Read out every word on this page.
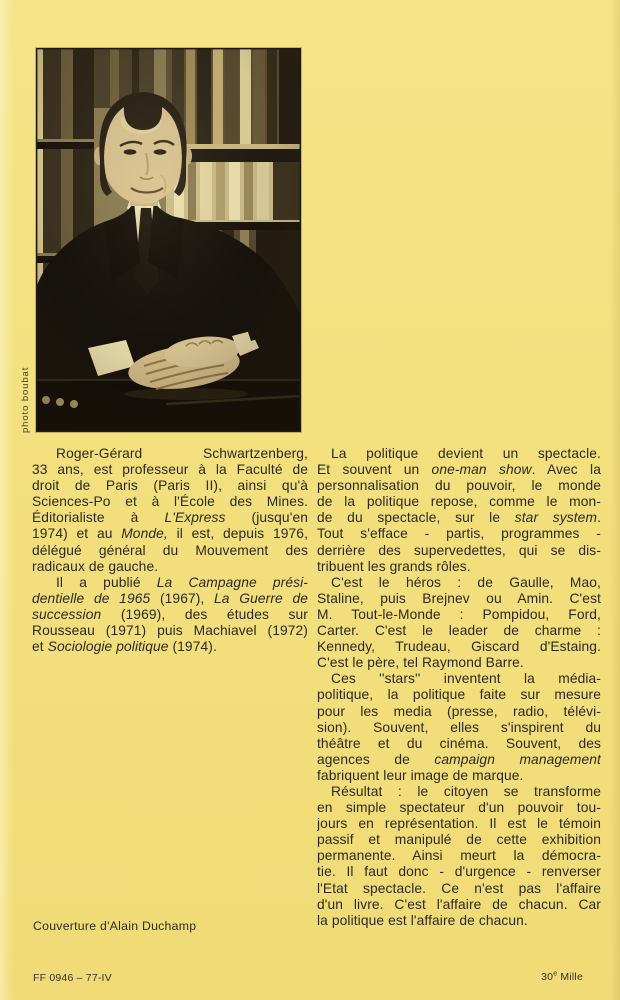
photo boubat
Roger-Gérard Schwartzenberg,
33 ans, est professeur à la Faculté de
droit de Paris (Paris II), ainsi qu'à
Sciences-Po et à l'École des Mines.
Éditorialiste à L'Express (jusqu'en
1974) et au Monde, il est, depuis 1976,
délégué général du Mouvement des
radicaux de gauche.
Il a publié La Campagne prési-
dentielle de 1965 (1967), La Guerre de
succession (1969), des études sur
Rousseau (1971) puis Machiavel (1972)
et Sociologie politique (1974).
La politique devient un spectacle.
Et souvent un one-man show. Avec la
personnalisation du pouvoir, le monde
de la politique repose, comme le mon-
de du spectacle, sur le star system.
Tout s'efface - partis, programmes -
derrière des supervedettes, qui se dis-
tribuent les grands rôles.
C'est le héros : de Gaulle, Mao,
Staline, puis Brejnev ou Amin. C'est
M. Tout-le-Monde : Pompidou, Ford,
Carter. C'est le leader de charme :
Kennedy, Trudeau, Giscard d'Estaing.
C'est le père, tel Raymond Barre.
Ces ''stars'' inventent la média-
politique, la politique faite sur mesure
pour les media (presse, radio, télévi-
sion). Souvent, elles s'inspirent du
théâtre et du cinéma. Souvent, des
agences de campaign management
fabriquent leur image de marque.
Résultat : le citoyen se transforme
en simple spectateur d'un pouvoir tou-
jours en représentation. Il est le témoin
passif et manipulé de cette exhibition
permanente. Ainsi meurt la démocra-
tie. Il faut donc - d'urgence - renverser
l'Etat spectacle. Ce n'est pas l'affaire
d'un livre. C'est l'affaire de chacun. Car
la politique est l'affaire de chacun.
Couverture d'Alain Duchamp
FF 0946 – 77-IV	30e Mille
